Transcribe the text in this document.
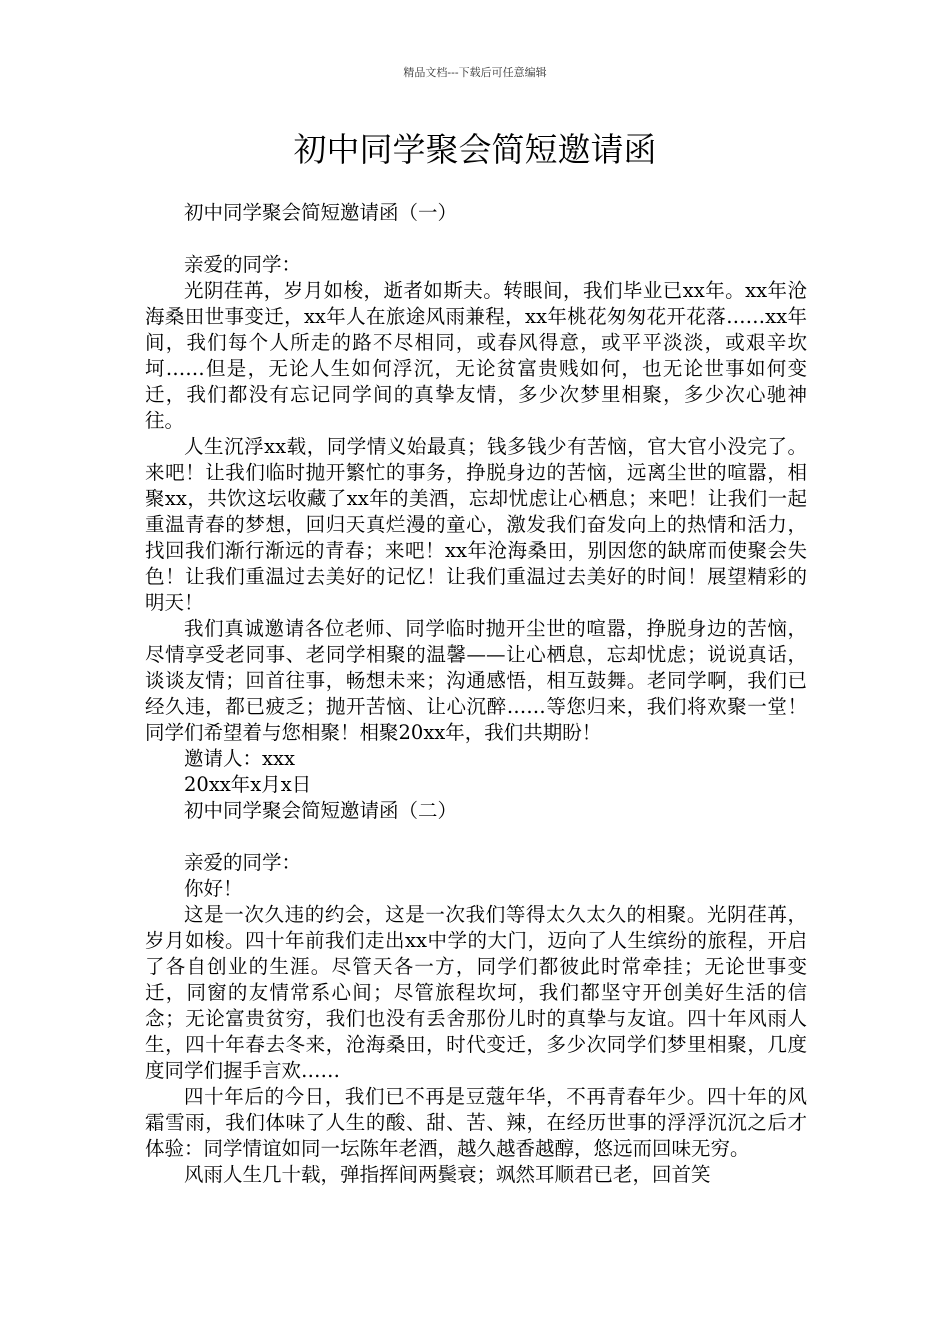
精品文档---下载后可任意编辑
初中同学聚会简短邀请函

初中同学聚会简短邀请函（一）

亲爱的同学：

光阴荏苒，岁月如梭，逝者如斯夫。转眼间，我们毕业已xx年。xx年沧海桑田世事变迁，xx年人在旅途风雨兼程，xx年桃花匆匆花开花落……xx年间，我们每个人所走的路不尽相同，或春风得意，或平平淡淡，或艰辛坎坷……但是，无论人生如何浮沉，无论贫富贵贱如何，也无论世事如何变迁，我们都没有忘记同学间的真挚友情，多少次梦里相聚，多少次心驰神往。

人生沉浮xx载，同学情义始最真；钱多钱少有苦恼，官大官小没完了。来吧！让我们临时抛开繁忙的事务，挣脱身边的苦恼，远离尘世的喧嚣，相聚xx，共饮这坛收藏了xx年的美酒，忘却忧虑让心栖息；来吧！让我们一起重温青春的梦想，回归天真烂漫的童心，激发我们奋发向上的热情和活力，找回我们渐行渐远的青春；来吧！xx年沧海桑田，别因您的缺席而使聚会失色！让我们重温过去美好的记忆！让我们重温过去美好的时间！展望精彩的明天！

我们真诚邀请各位老师、同学临时抛开尘世的喧嚣，挣脱身边的苦恼，尽情享受老同事、老同学相聚的温馨——让心栖息，忘却忧虑；说说真话，谈谈友情；回首往事，畅想未来；沟通感悟，相互鼓舞。老同学啊，我们已经久违，都已疲乏；抛开苦恼、让心沉醉……等您归来，我们将欢聚一堂！同学们希望着与您相聚！相聚20xx年，我们共期盼！

邀请人：xxx

20xx年x月x日

初中同学聚会简短邀请函（二）

亲爱的同学：

你好！

这是一次久违的约会，这是一次我们等得太久太久的相聚。光阴荏苒，岁月如梭。四十年前我们走出xx中学的大门，迈向了人生缤纷的旅程，开启了各自创业的生涯。尽管天各一方，同学们都彼此时常牵挂；无论世事变迁，同窗的友情常系心间；尽管旅程坎坷，我们都坚守开创美好生活的信念；无论富贵贫穷，我们也没有丢舍那份儿时的真挚与友谊。四十年风雨人生，四十年春去冬来，沧海桑田，时代变迁，多少次同学们梦里相聚，几度度同学们握手言欢……

四十年后的今日，我们已不再是豆蔻年华，不再青春年少。四十年的风霜雪雨，我们体味了人生的酸、甜、苦、辣，在经历世事的浮浮沉沉之后才体验：同学情谊如同一坛陈年老酒，越久越香越醇，悠远而回味无穷。

风雨人生几十载，弹指挥间两鬓衰；飒然耳顺君已老，回首笑
